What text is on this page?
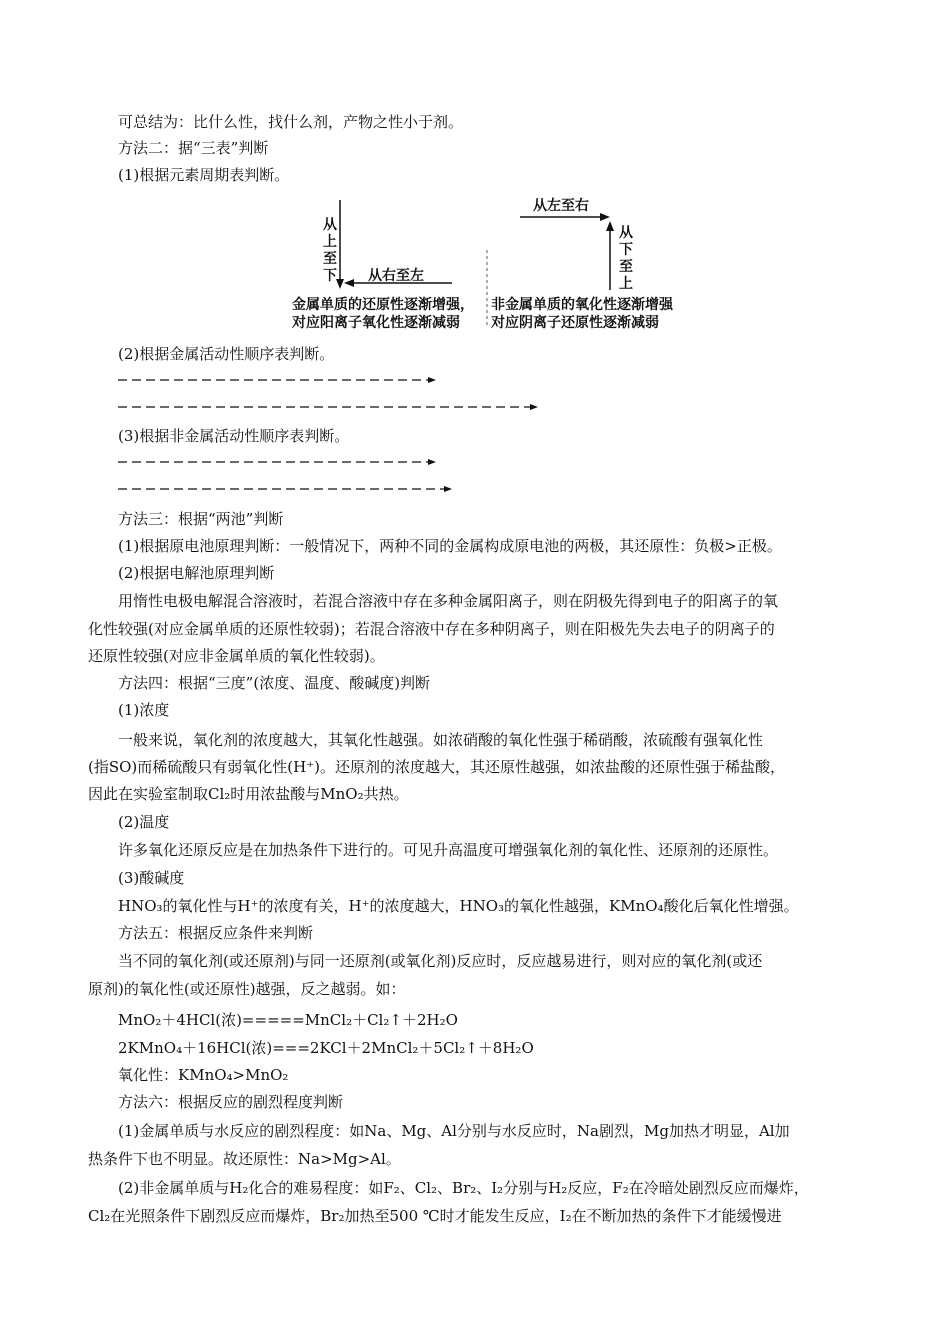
可总结为：比什么性，找什么剂，产物之性小于剂。
方法二：据“三表”判断
(1)根据元素周期表判断。
从上至下 从右至左
金属单质的还原性逐渐增强，
对应阳离子氧化性逐渐减弱
从左至右
从下至上
非金属单质的氧化性逐渐增强
对应阴离子还原性逐渐减弱
(2)根据金属活动性顺序表判断。
(3)根据非金属活动性顺序表判断。
方法三：根据“两池”判断
(1)根据原电池原理判断：一般情况下，两种不同的金属构成原电池的两极，其还原性：负极>正极。
(2)根据电解池原理判断
用惰性电极电解混合溶液时，若混合溶液中存在多种金属阳离子，则在阴极先得到电子的阳离子的氧
化性较强(对应金属单质的还原性较弱)；若混合溶液中存在多种阴离子，则在阳极先失去电子的阴离子的
还原性较强(对应非金属单质的氧化性较弱)。
方法四：根据“三度”(浓度、温度、酸碱度)判断
(1)浓度
一般来说，氧化剂的浓度越大，其氧化性越强。如浓硝酸的氧化性强于稀硝酸，浓硫酸有强氧化性
(指SO)而稀硫酸只有弱氧化性(H⁺)。还原剂的浓度越大，其还原性越强，如浓盐酸的还原性强于稀盐酸，
因此在实验室制取Cl₂时用浓盐酸与MnO₂共热。
(2)温度
许多氧化还原反应是在加热条件下进行的。可见升高温度可增强氧化剂的氧化性、还原剂的还原性。
(3)酸碱度
HNO₃的氧化性与H⁺的浓度有关，H⁺的浓度越大，HNO₃的氧化性越强，KMnO₄酸化后氧化性增强。
方法五：根据反应条件来判断
当不同的氧化剂(或还原剂)与同一还原剂(或氧化剂)反应时，反应越易进行，则对应的氧化剂(或还
原剂)的氧化性(或还原性)越强，反之越弱。如：
MnO₂＋4HCl(浓)=====MnCl₂＋Cl₂↑＋2H₂O
2KMnO₄＋16HCl(浓)===2KCl＋2MnCl₂＋5Cl₂↑＋8H₂O
氧化性：KMnO₄>MnO₂
方法六：根据反应的剧烈程度判断
(1)金属单质与水反应的剧烈程度：如Na、Mg、Al分别与水反应时，Na剧烈，Mg加热才明显，Al加
热条件下也不明显。故还原性：Na>Mg>Al。
(2)非金属单质与H₂化合的难易程度：如F₂、Cl₂、Br₂、I₂分别与H₂反应，F₂在冷暗处剧烈反应而爆炸，
Cl₂在光照条件下剧烈反应而爆炸，Br₂加热至500 ℃时才能发生反应，I₂在不断加热的条件下才能缓慢进
